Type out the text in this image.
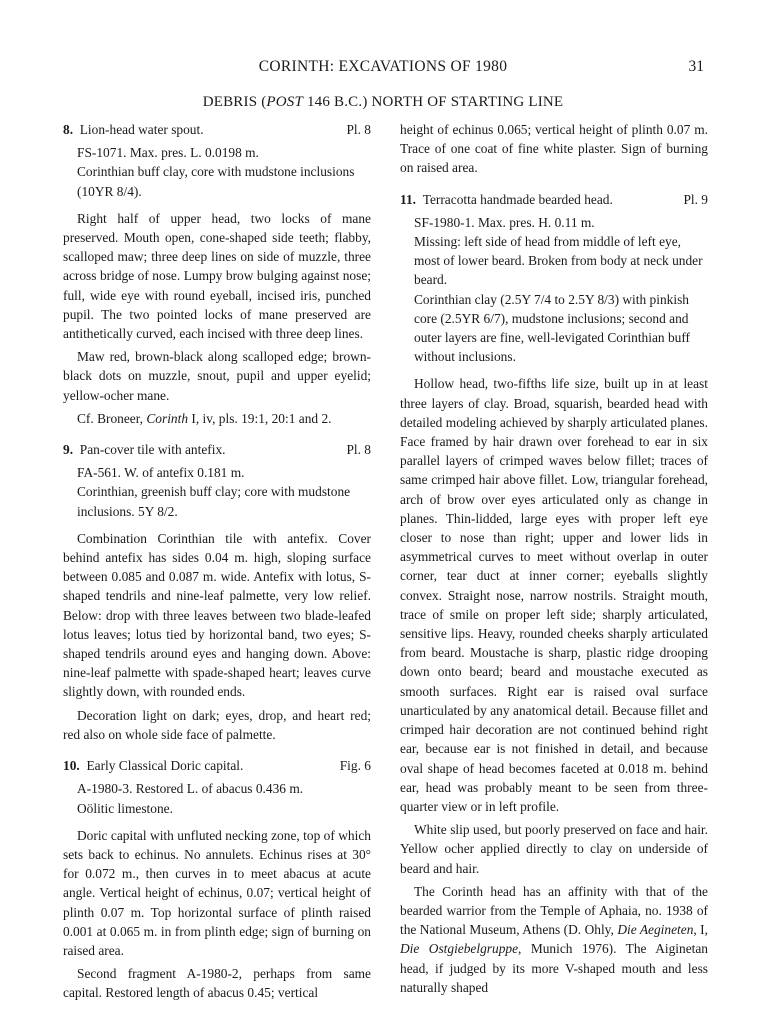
CORINTH: EXCAVATIONS OF 1980	31
DEBRIS (POST 146 B.C.) NORTH OF STARTING LINE
8. Lion-head water spout.	Pl. 8

FS-1071. Max. pres. L. 0.0198 m.

Corinthian buff clay, core with mudstone inclusions (10YR 8/4).

Right half of upper head, two locks of mane preserved. Mouth open, cone-shaped side teeth; flabby, scalloped maw; three deep lines on side of muzzle, three across bridge of nose. Lumpy brow bulging against nose; full, wide eye with round eyeball, incised iris, punched pupil. The two pointed locks of mane preserved are antithetically curved, each incised with three deep lines.

Maw red, brown-black along scalloped edge; brown-black dots on muzzle, snout, pupil and upper eyelid; yellow-ocher mane.

Cf. Broneer, Corinth I, iv, pls. 19:1, 20:1 and 2.

9. Pan-cover tile with antefix.	Pl. 8

FA-561. W. of antefix 0.181 m.

Corinthian, greenish buff clay; core with mudstone inclusions. 5Y 8/2.

Combination Corinthian tile with antefix. Cover behind antefix has sides 0.04 m. high, sloping surface between 0.085 and 0.087 m. wide. Antefix with lotus, S-shaped tendrils and nine-leaf palmette, very low relief. Below: drop with three leaves between two blade-leafed lotus leaves; lotus tied by horizontal band, two eyes; S-shaped tendrils around eyes and hanging down. Above: nine-leaf palmette with spade-shaped heart; leaves curve slightly down, with rounded ends.

Decoration light on dark; eyes, drop, and heart red; red also on whole side face of palmette.

10. Early Classical Doric capital.	Fig. 6

A-1980-3. Restored L. of abacus 0.436 m.

Oölitic limestone.

Doric capital with unfluted necking zone, top of which sets back to echinus. No annulets. Echinus rises at 30° for 0.072 m., then curves in to meet abacus at acute angle. Vertical height of echinus, 0.07; vertical height of plinth 0.07 m. Top horizontal surface of plinth raised 0.001 at 0.065 m. in from plinth edge; sign of burning on raised area.

Second fragment A-1980-2, perhaps from same capital. Restored length of abacus 0.45; vertical

height of echinus 0.065; vertical height of plinth 0.07 m. Trace of one coat of fine white plaster. Sign of burning on raised area.

11. Terracotta handmade bearded head.	Pl. 9

SF-1980-1. Max. pres. H. 0.11 m.

Missing: left side of head from middle of left eye, most of lower beard. Broken from body at neck under beard.

Corinthian clay (2.5Y 7/4 to 2.5Y 8/3) with pinkish core (2.5YR 6/7), mudstone inclusions; second and outer layers are fine, well-levigated Corinthian buff without inclusions.

Hollow head, two-fifths life size, built up in at least three layers of clay. Broad, squarish, bearded head with detailed modeling achieved by sharply articulated planes. Face framed by hair drawn over forehead to ear in six parallel layers of crimped waves below fillet; traces of same crimped hair above fillet. Low, triangular forehead, arch of brow over eyes articulated only as change in planes. Thin-lidded, large eyes with proper left eye closer to nose than right; upper and lower lids in asymmetrical curves to meet without overlap in outer corner, tear duct at inner corner; eyeballs slightly convex. Straight nose, narrow nostrils. Straight mouth, trace of smile on proper left side; sharply articulated, sensitive lips. Heavy, rounded cheeks sharply articulated from beard. Moustache is sharp, plastic ridge drooping down onto beard; beard and moustache executed as smooth surfaces. Right ear is raised oval surface unarticulated by any anatomical detail. Because fillet and crimped hair decoration are not continued behind right ear, because ear is not finished in detail, and because oval shape of head becomes faceted at 0.018 m. behind ear, head was probably meant to be seen from three-quarter view or in left profile.

White slip used, but poorly preserved on face and hair. Yellow ocher applied directly to clay on underside of beard and hair.

The Corinth head has an affinity with that of the bearded warrior from the Temple of Aphaia, no. 1938 of the National Museum, Athens (D. Ohly, Die Aegineten, I, Die Ostgiebelgruppe, Munich 1976). The Aiginetan head, if judged by its more V-shaped mouth and less naturally shaped
